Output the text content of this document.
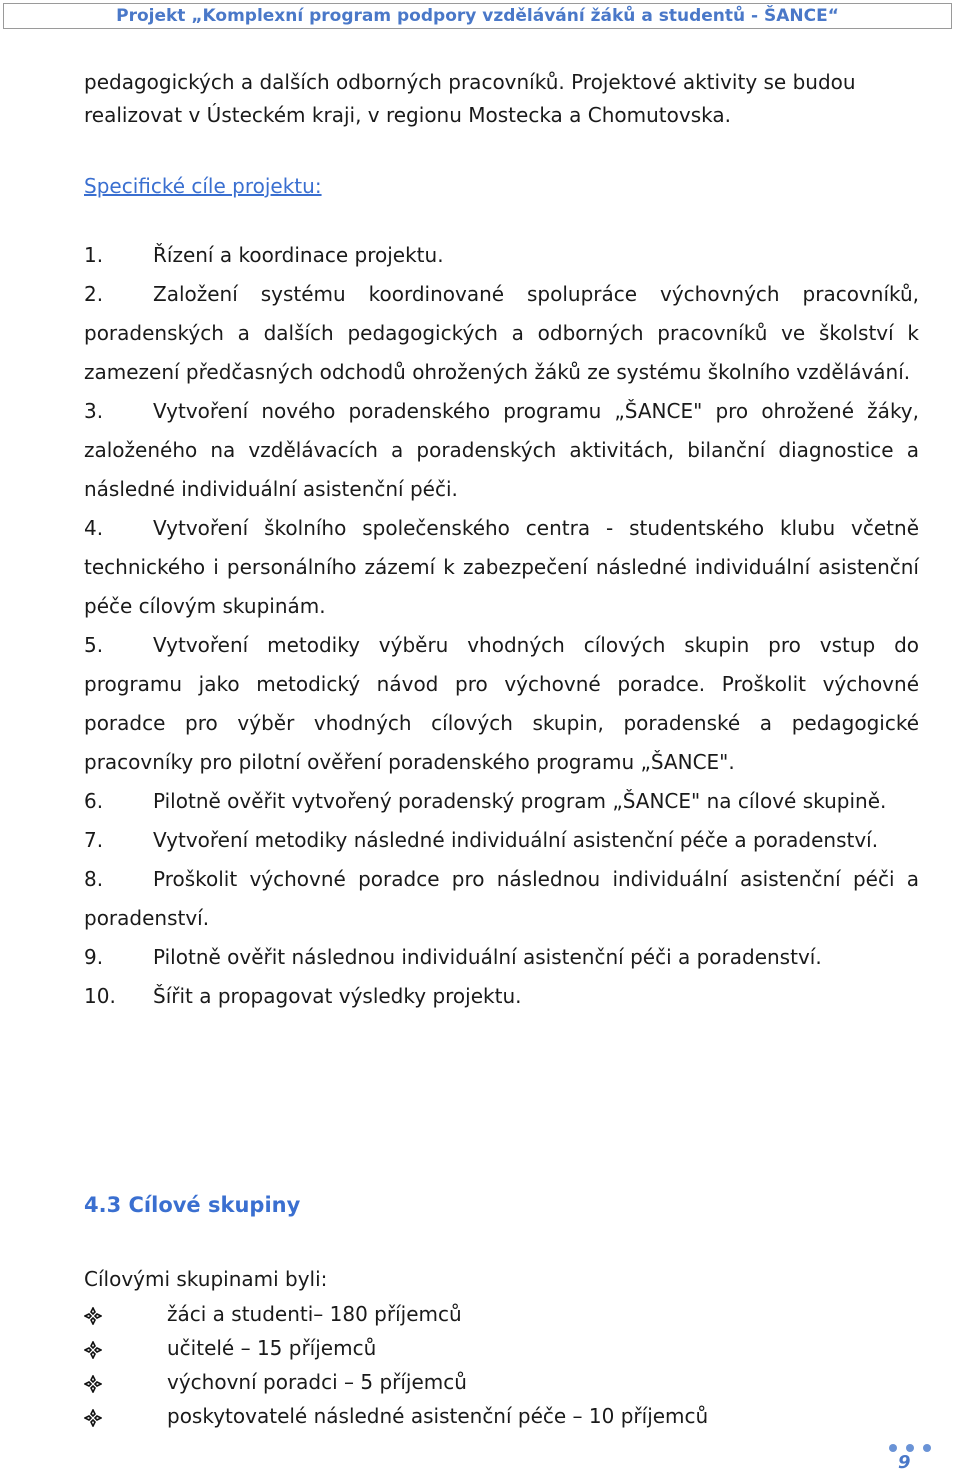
Projekt „Komplexní program podpory vzdělávání žáků a studentů - ŠANCE“

pedagogických a dalších odborných pracovníků. Projektové aktivity se budou realizovat v Ústeckém kraji, v regionu Mostecka a Chomutovska.

Specifické cíle projektu:

1.	Řízení a koordinace projektu.
2.	Založení systému koordinované spolupráce výchovných pracovníků, poradenských a dalších pedagogických a odborných pracovníků ve školství k zamezení předčasných odchodů ohrožených žáků ze systému školního vzdělávání.
3.	Vytvoření nového poradenského programu „ŠANCE" pro ohrožené žáky, založeného na vzdělávacích a poradenských aktivitách, bilanční diagnostice a následné individuální asistenční péči.
4.	Vytvoření školního společenského centra - studentského klubu včetně technického i personálního zázemí k zabezpečení následné individuální asistenční péče cílovým skupinám.
5.	Vytvoření metodiky výběru vhodných cílových skupin pro vstup do programu jako metodický návod pro výchovné poradce. Proškolit výchovné poradce pro výběr vhodných cílových skupin, poradenské a pedagogické pracovníky pro pilotní ověření poradenského programu „ŠANCE".
6.	Pilotně ověřit vytvořený poradenský program „ŠANCE" na cílové skupině.
7.	Vytvoření metodiky následné individuální asistenční péče a poradenství.
8.	Proškolit výchovné poradce pro následnou individuální asistenční péči a poradenství.
9.	Pilotně ověřit následnou individuální asistenční péči a poradenství.
10.	Šířit a propagovat výsledky projektu.
4.3 Cílové skupiny

Cílovými skupinami byli:

žáci a studenti– 180 příjemců
učitelé – 15 příjemců
výchovní poradci – 5 příjemců
poskytovatelé následné asistenční péče – 10 příjemců
9
